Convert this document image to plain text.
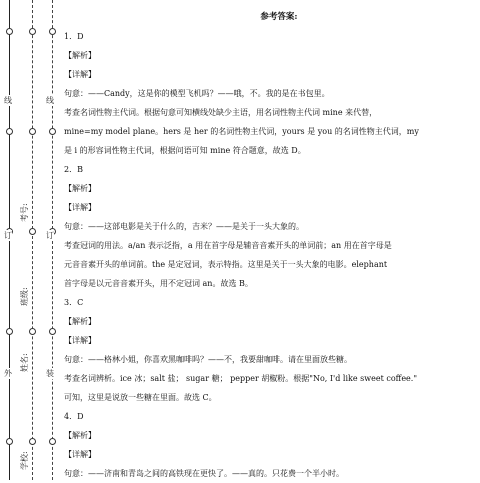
线
订
外
线
订
装
学校:
姓名:
班级:
考号:
参考答案:
1．D
【解析】
【详解】
句意：——Candy，这是你的模型飞机吗？——哦，不。我的是在书包里。
考查名词性物主代词。根据句意可知横线处缺少主语，用名词性物主代词 mine 来代替，
mine=my model plane。hers 是 her 的名词性物主代词，yours 是 you 的名词性物主代词，my
是 i 的形容词性物主代词，根据问语可知 mine 符合题意，故选 D。
2．B
【解析】
【详解】
句意：——这部电影是关于什么的，吉米？——是关于一头大象的。
考查冠词的用法。a/an 表示泛指，a 用在首字母是辅音音素开头的单词前；an 用在首字母是
元音音素开头的单词前。the 是定冠词，表示特指。这里是关于一头大象的电影。elephant
首字母是以元音音素开头，用不定冠词 an。故选 B。
3．C
【解析】
【详解】
句意：——格林小姐，你喜欢黑咖啡吗？——不，我要甜咖啡。请在里面放些糖。
考查名词辨析。ice 冰；salt 盐； sugar 糖； pepper 胡椒粉。根据"No, I'd like sweet coffee."
可知，这里是说放一些糖在里面。故选 C。
4．D
【解析】
【详解】
句意：——济南和青岛之间的高铁现在更快了。——真的。只花费一个半小时。
